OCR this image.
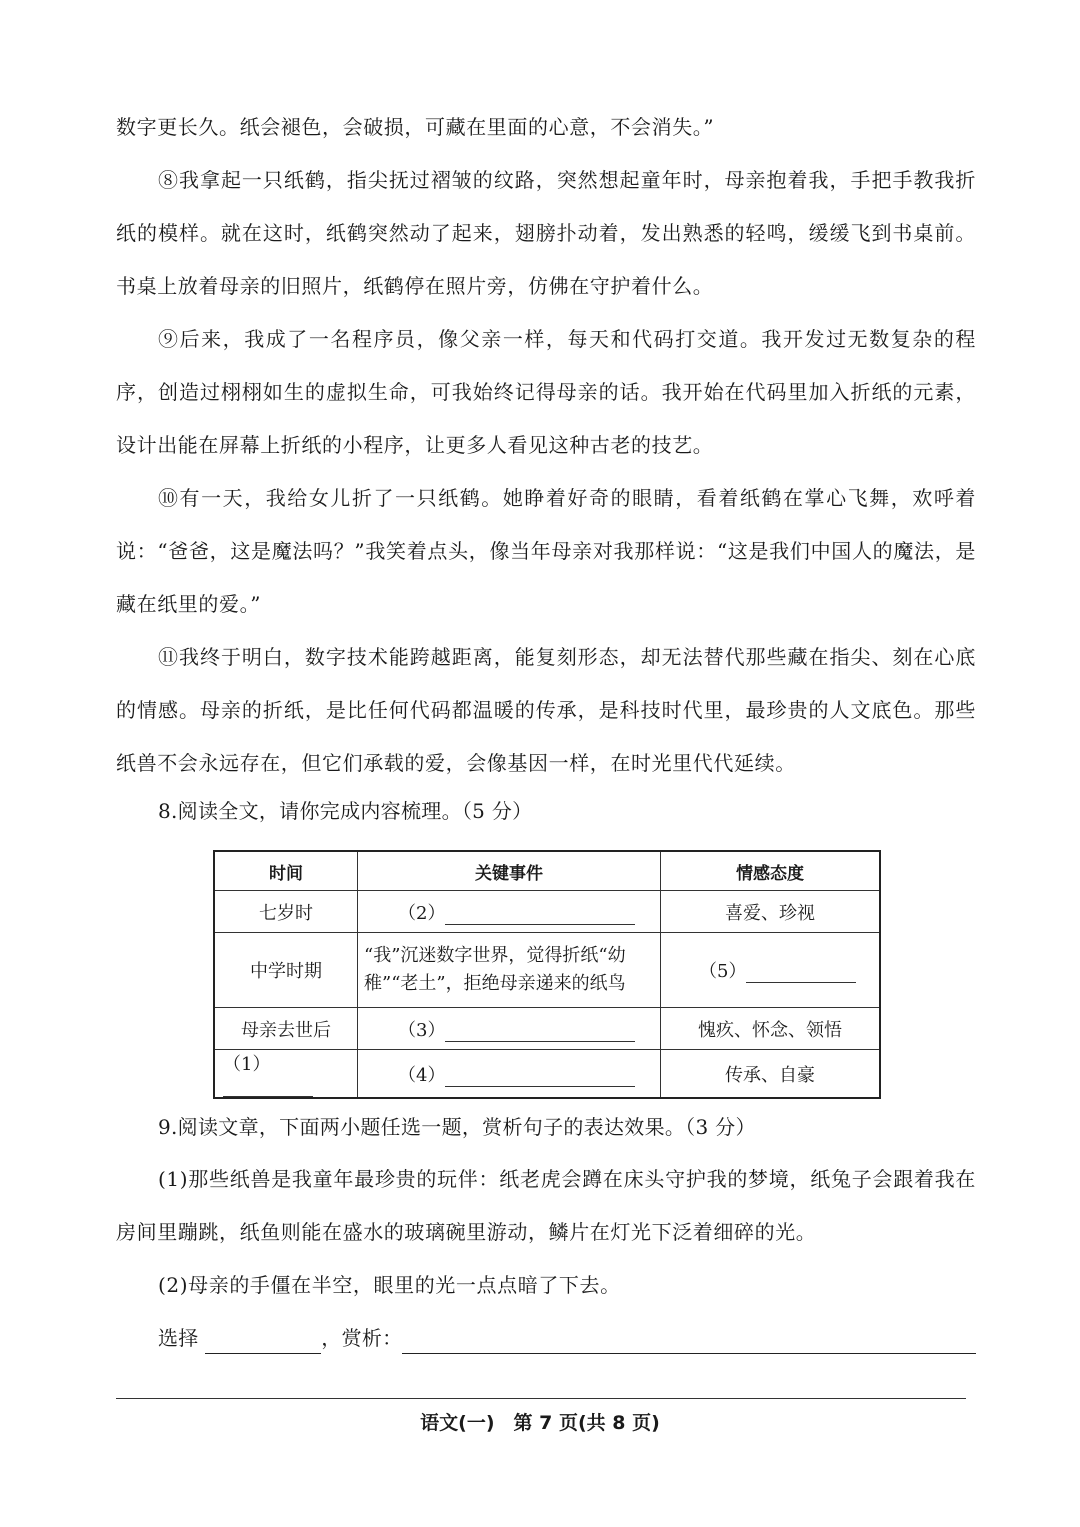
数字更长久。纸会褪色，会破损，可藏在里面的心意，不会消失。”

⑧我拿起一只纸鹤，指尖抚过褶皱的纹路，突然想起童年时，母亲抱着我，手把手教我折纸的模样。就在这时，纸鹤突然动了起来，翅膀扑动着，发出熟悉的轻鸣，缓缓飞到书桌前。书桌上放着母亲的旧照片，纸鹤停在照片旁，仿佛在守护着什么。
⑨后来，我成了一名程序员，像父亲一样，每天和代码打交道。我开发过无数复杂的程序，创造过栩栩如生的虚拟生命，可我始终记得母亲的话。我开始在代码里加入折纸的元素，设计出能在屏幕上折纸的小程序，让更多人看见这种古老的技艺。
⑩有一天，我给女儿折了一只纸鹤。她睁着好奇的眼睛，看着纸鹤在掌心飞舞，欢呼着说：“爸爸，这是魔法吗？”我笑着点头，像当年母亲对我那样说：“这是我们中国人的魔法，是藏在纸里的爱。”
⑪我终于明白，数字技术能跨越距离，能复刻形态，却无法替代那些藏在指尖、刻在心底的情感。母亲的折纸，是比任何代码都温暖的传承，是科技时代里，最珍贵的人文底色。那些纸兽不会永远存在，但它们承载的爱，会像基因一样，在时光里代代延续。

8.阅读全文，请你完成内容梳理。（5 分）

时间	关键事件	情感态度
七岁时	（2）	喜爱、珍视
中学时期	“我”沉迷数字世界，觉得折纸“幼稚”“老土”，拒绝母亲递来的纸鸟	（5）
母亲去世后	（3）	愧疚、怀念、领悟
（1）	（4）	传承、自豪

9.阅读文章，下面两小题任选一题，赏析句子的表达效果。（3 分）

(1)那些纸兽是我童年最珍贵的玩伴：纸老虎会蹲在床头守护我的梦境，纸兔子会跟着我在房间里蹦跳，纸鱼则能在盛水的玻璃碗里游动，鳞片在灯光下泛着细碎的光。

(2)母亲的手僵在半空，眼里的光一点点暗了下去。

选择	，赏析：
语文(一)　第 7 页(共 8 页)
